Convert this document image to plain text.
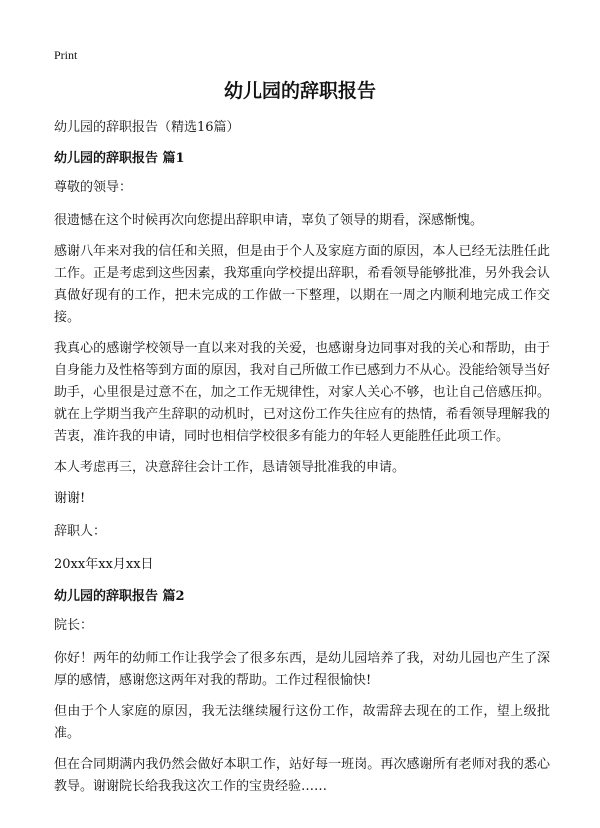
Print
幼儿园的辞职报告
幼儿园的辞职报告（精选16篇）
幼儿园的辞职报告 篇1

尊敬的领导：

很遗憾在这个时候再次向您提出辞职申请，辜负了领导的期看，深感惭愧。

感谢八年来对我的信任和关照，但是由于个人及家庭方面的原因，本人已经无法胜任此工作。正是考虑到这些因素，我郑重向学校提出辞职，希看领导能够批准，另外我会认真做好现有的工作，把未完成的工作做一下整理，以期在一周之内顺利地完成工作交接。

我真心的感谢学校领导一直以来对我的关爱，也感谢身边同事对我的关心和帮助，由于自身能力及性格等到方面的原因，我对自己所做工作已感到力不从心。没能给领导当好助手，心里很是过意不在，加之工作无规律性，对家人关心不够，也让自己倍感压抑。就在上学期当我产生辞职的动机时，已对这份工作失往应有的热情，希看领导理解我的苦衷，准许我的申请，同时也相信学校很多有能力的年轻人更能胜任此项工作。

本人考虑再三，决意辞往会计工作，恳请领导批准我的申请。

谢谢!

辞职人：

20xx年xx月xx日

幼儿园的辞职报告 篇2

院长：

你好！两年的幼师工作让我学会了很多东西，是幼儿园培养了我，对幼儿园也产生了深厚的感情，感谢您这两年对我的帮助。工作过程很愉快!

但由于个人家庭的原因，我无法继续履行这份工作，故需辞去现在的工作，望上级批准。

但在合同期满内我仍然会做好本职工作，站好每一班岗。再次感谢所有老师对我的悉心教导。谢谢院长给我我这次工作的宝贵经验……
